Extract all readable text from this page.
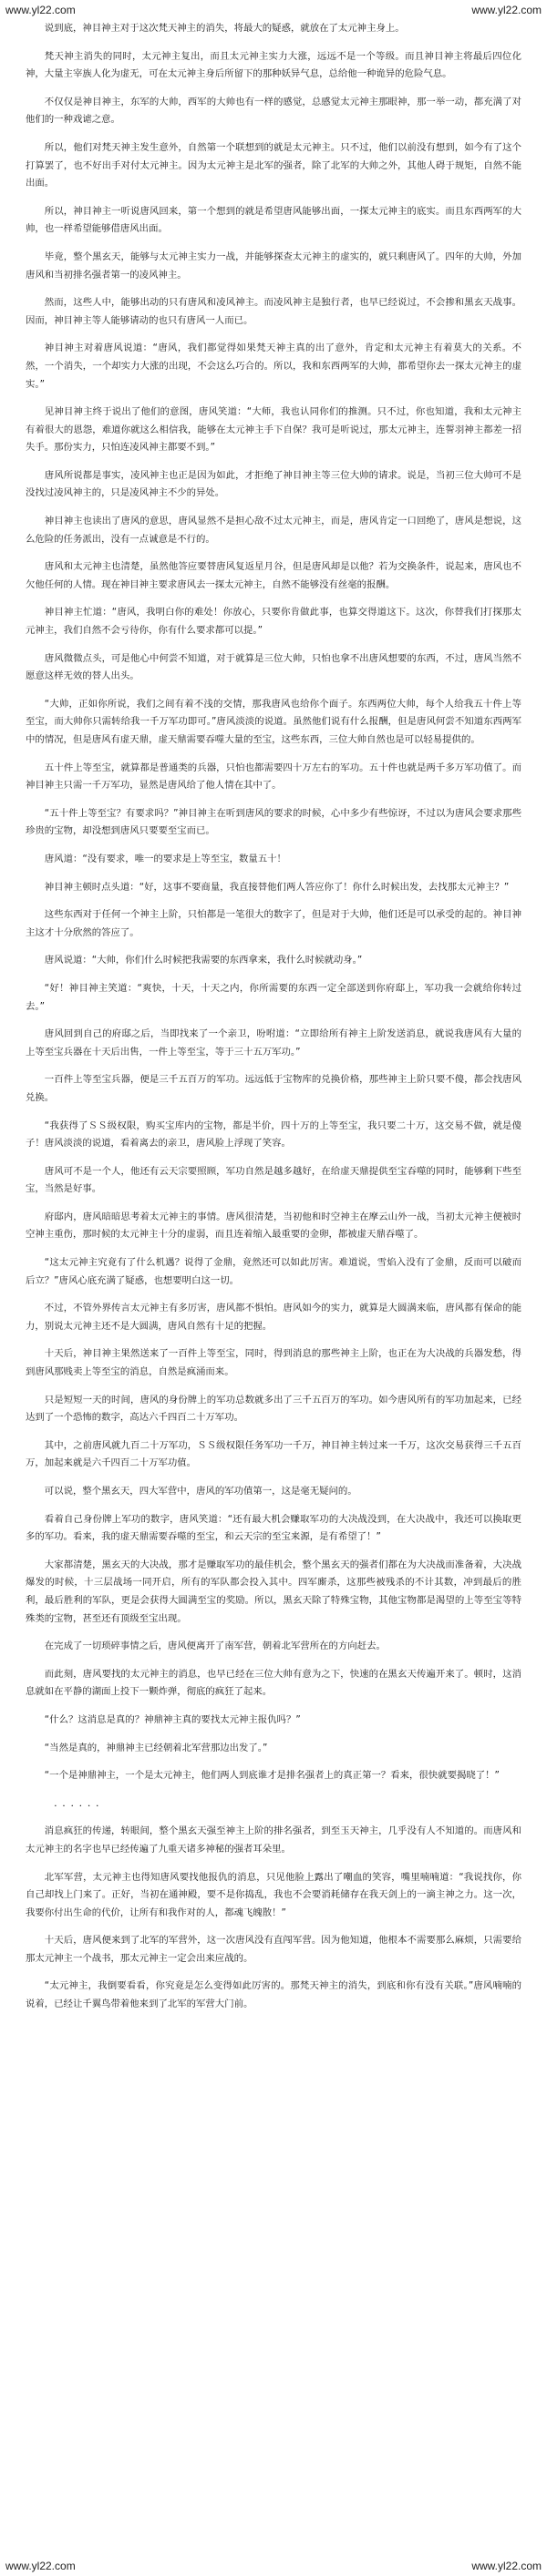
www.yl22.com	www.yl22.com

说到底，神目神主对于这次梵天神主的消失，将最大的疑惑，就放在了太元神主身上。

梵天神主消失的同时，太元神主复出，而且太元神主实力大涨，远远不是一个等级。而且神目神主将最后四位化神，大量主宰族人化为虚无，可在太元神主身后所留下的那种妖异气息，总给他一种诡异的危险气息。

不仅仅是神目神主，东军的大帅，西军的大帅也有一样的感觉，总感觉太元神主那眼神，那一举一动，都充满了对他们的一种戏谑之意。

所以，他们对梵天神主发生意外，自然第一个联想到的就是太元神主。只不过，他们以前没有想到，如今有了这个打算罢了，也不好出手对付太元神主。因为太元神主是北军的强者，除了北军的大帅之外，其他人碍于规矩，自然不能出面。

所以，神目神主一听说唐风回来，第一个想到的就是希望唐风能够出面，一探太元神主的底实。而且东西两军的大帅，也一样希望能够借唐风出面。

毕竟，整个黑玄天，能够与太元神主实力一战，并能够探查太元神主的虚实的，就只剩唐风了。四年的大帅，外加唐风和当初排名强者第一的凌风神主。

然而，这些人中，能够出动的只有唐风和凌风神主。而凌风神主是独行者，也早已经说过，不会掺和黑玄天战事。因而，神目神主等人能够请动的也只有唐风一人而已。

神目神主对着唐风说道：“唐风，我们都觉得如果梵天神主真的出了意外，肯定和太元神主有着莫大的关系。不然，一个消失，一个却实力大涨的出现，不会这么巧合的。所以，我和东西两军的大帅，都希望你去一探太元神主的虚实。”

见神目神主终于说出了他们的意图，唐风笑道：“大师，我也认同你们的推测。只不过，你也知道，我和太元神主有着很大的恩怨，难道你就这么相信我，能够在太元神主手下自保？我可是听说过，那太元神主，连誓羽神主都差一招失手。那份实力，只怕连凌风神主都要不到。”

唐风所说都是事实，凌风神主也正是因为如此，才拒绝了神目神主等三位大帅的请求。说是，当初三位大帅可不是没找过凌风神主的，只是凌风神主不少的异处。

神目神主也读出了唐风的意思，唐风显然不是担心敌不过太元神主，而是，唐风肯定一口回绝了，唐风是想说，这么危险的任务派出，没有一点诚意是不行的。

唐风和太元神主也清楚，虽然他答应要替唐风复返星月谷，但是唐风却是以他？若为交换条件，说起来，唐风也不欠他任何的人情。现在神目神主要求唐风去一探太元神主，自然不能够没有丝毫的报酬。

神目神主忙道：“唐风，我明白你的难处！你放心，只要你肯做此事，也算交得道这下。这次，你替我们打探那太元神主，我们自然不会亏待你，你有什么要求都可以提。”

唐风微微点头，可是他心中何尝不知道，对于就算是三位大帅，只怕也拿不出唐风想要的东西，不过，唐风当然不愿意这样无效的替人出头。

“大帅，正如你所说，我们之间有着不浅的交情，那我唐风也给你个面子。东西两位大帅，每个人给我五十件上等至宝，而大帅你只需转给我一千万军功即可。”唐风淡淡的说道。虽然他们说有什么报酬，但是唐风何尝不知道东西两军中的情况，但是唐风有虚天鼎，虚天鼎需要吞噬大量的至宝，这些东西，三位大帅自然也是可以轻易提供的。

五十件上等至宝，就算都是普通类的兵器，只怕也都需要四十万左右的军功。五十件也就是两千多万军功值了。而神目神主只需一千万军功，显然是唐风给了他人情在其中了。

“五十件上等至宝？有要求吗？”神目神主在听到唐风的要求的时候，心中多少有些惊讶，不过以为唐风会要求那些珍贵的宝物，却没想到唐风只要要至宝而已。

唐风道：“没有要求，唯一的要求是上等至宝，数量五十！

神目神主顿时点头道：“好，这事不要商量，我直接替他们两人答应你了！你什么时候出发，去找那太元神主？”

这些东西对于任何一个神主上阶，只怕都是一笔很大的数字了，但是对于大帅，他们还是可以承受的起的。神目神主这才十分欣然的答应了。

唐风说道：“大帅，你们什么时候把我需要的东西拿来，我什么时候就动身。”

“好！神目神主笑道：“爽快，十天，十天之内，你所需要的东西一定全部送到你府邸上，军功我一会就给你转过去。”

唐风回到自己的府邸之后，当即找来了一个亲卫，吩咐道：“立即给所有神主上阶发送消息，就说我唐风有大量的上等至宝兵器在十天后出售，一件上等至宝，等于三十五万军功。”

一百件上等至宝兵器，便是三千五百万的军功。远远低于宝物库的兑换价格，那些神主上阶只要不傻，都会找唐风兑换。

“我获得了ＳＳ级权限，购买宝库内的宝物，都是半价，四十万的上等至宝，我只要二十万，这交易不做，就是傻子！唐风淡淡的说道，看着离去的亲卫，唐风脸上浮现了笑容。

唐风可不是一个人，他还有云天宗要照顾，军功自然是越多越好，在给虚天鼎提供至宝吞噬的同时，能够剩下些至宝，当然是好事。

府邸内，唐风暗暗思考着太元神主的事情。唐风很清楚，当初他和时空神主在摩云山外一战，当初太元神主便被时空神主重伤，那时候的太元神主十分的虚弱，而且连着缩入最重要的金卵，都被虚天鼎吞噬了。

“这太元神主究竟有了什么机遇？说得了金鼎，竟然还可以如此厉害。难道说，雪焰入没有了金鼎，反而可以破而后立？”唐风心底充满了疑惑，也想要明白这一切。

不过，不管外界传言太元神主有多厉害，唐风都不惧怕。唐风如今的实力，就算是大圆满来临，唐风都有保命的能力，别说太元神主还不是大圆满，唐风自然有十足的把握。

十天后，神目神主果然送来了一百件上等至宝，同时，得到消息的那些神主上阶，也正在为大决战的兵器发愁，得到唐风那贱卖上等至宝的消息，自然是疯涌而来。

只是短短一天的时间，唐风的身份牌上的军功总数就多出了三千五百万的军功。如今唐风所有的军功加起来，已经达到了一个恐怖的数字，高达六千四百二十万军功。

其中，之前唐风就九百二十万军功，ＳＳ级权限任务军功一千万，神目神主转过来一千万，这次交易获得三千五百万，加起来就是六千四百二十万军功值。

可以说，整个黑玄天，四大军营中，唐风的军功值第一，这是毫无疑问的。

看着自己身份牌上军功的数字，唐风笑道：“还有最大机会赚取军功的大决战没到，在大决战中，我还可以换取更多的军功。看来，我的虚天鼎需要吞噬的至宝，和云天宗的至宝来源，是有希望了！”

大家都清楚，黑玄天的大决战，那才是赚取军功的最佳机会，整个黑玄天的强者们都在为大决战而准备着，大决战爆发的时候，十三层战场一同开启，所有的军队都会投入其中。四军廝杀，这那些被残杀的不计其数，冲到最后的胜利，最后胜利的军队，更是会获得大圆满至宝的奖励。所以，黑玄天除了特殊宝物，其他宝物都是渴望的上等至宝等特殊类的宝物，甚至还有顶级至宝出现。

在完成了一切琐碎事情之后，唐风便离开了南军营，朝着北军营所在的方向赶去。

而此刻，唐风要找的太元神主的消息，也早已经在三位大帅有意为之下，快速的在黑玄天传遍开来了。顿时，这消息就如在平静的湖面上投下一颗炸弹，彻底的疯狂了起来。

“什么？这消息是真的？神鼎神主真的要找太元神主报仇吗？”

“当然是真的，神鼎神主已经朝着北军营那边出发了。”

“一个是神鼎神主，一个是太元神主，他们两人到底谁才是排名强者上的真正第一？看来，很快就要揭晓了！”

．．．．．．

消息疯狂的传递，转眼间，整个黑玄天强至神主上阶的排名强者，到至玉天神主，几乎没有人不知道的。而唐风和太元神主的名字也早已经传遍了九重天诸多神秘的强者耳朵里。

北军军营，太元神主也得知唐风要找他报仇的消息，只见他脸上露出了嘲血的笑容，嘴里喃喃道：“我说找你，你自己却找上门来了。正好，当初在通神殿，要不是你捣乱，我也不会要消耗储存在我天剑上的一滴主神之力。这一次，我要你付出生命的代价，让所有和我作对的人，都魂飞魄散！”

十天后，唐风便来到了北军的军营外，这一次唐风没有直闯军营。因为他知道，他根本不需要那么麻烦，只需要给那太元神主一个战书，那太元神主一定会出来应战的。

“太元神主，我倒要看看，你究竟是怎么变得如此厉害的。那梵天神主的消失，到底和你有没有关联。”唐风喃喃的说着，已经让千翼鸟带着他来到了北军的军营大门前。

www.yl22.com	www.yl22.com
